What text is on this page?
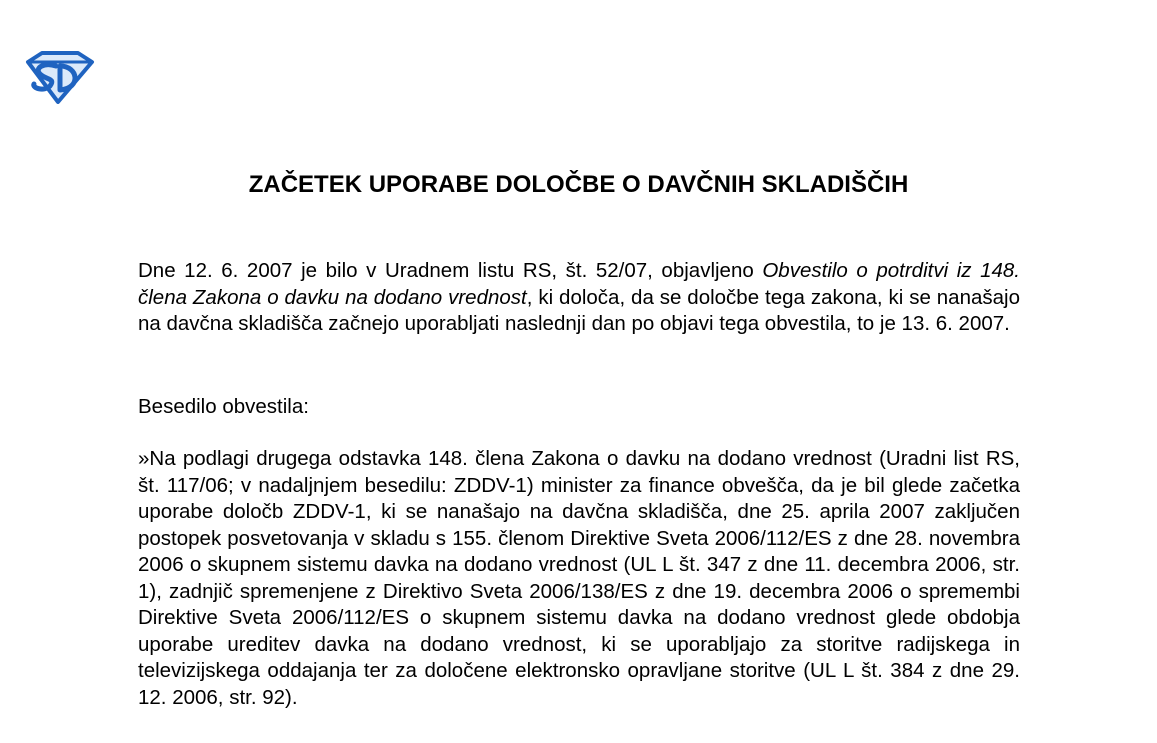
ZAČETEK UPORABE DOLOČBE O DAVČNIH SKLADIŠČIH

Dne 12. 6. 2007 je bilo v Uradnem listu RS, št. 52/07, objavljeno Obvestilo o potrditvi iz 148. člena Zakona o davku na dodano vrednost, ki določa, da se določbe tega zakona, ki se nanašajo na davčna skladišča začnejo uporabljati naslednji dan po objavi tega obvestila, to je 13. 6. 2007.

Besedilo obvestila:

»Na podlagi drugega odstavka 148. člena Zakona o davku na dodano vrednost (Uradni list RS, št. 117/06; v nadaljnjem besedilu: ZDDV-1) minister za finance obvešča, da je bil glede začetka uporabe določb ZDDV-1, ki se nanašajo na davčna skladišča, dne 25. aprila 2007 zaključen postopek posvetovanja v skladu s 155. členom Direktive Sveta 2006/112/ES z dne 28. novembra 2006 o skupnem sistemu davka na dodano vrednost (UL L št. 347 z dne 11. decembra 2006, str. 1), zadnjič spremenjene z Direktivo Sveta 2006/138/ES z dne 19. decembra 2006 o spremembi Direktive Sveta 2006/112/ES o skupnem sistemu davka na dodano vrednost glede obdobja uporabe ureditev davka na dodano vrednost, ki se uporabljajo za storitve radijskega in televizijskega oddajanja ter za določene elektronsko opravljane storitve (UL L št. 384 z dne 29. 12. 2006, str. 92).
